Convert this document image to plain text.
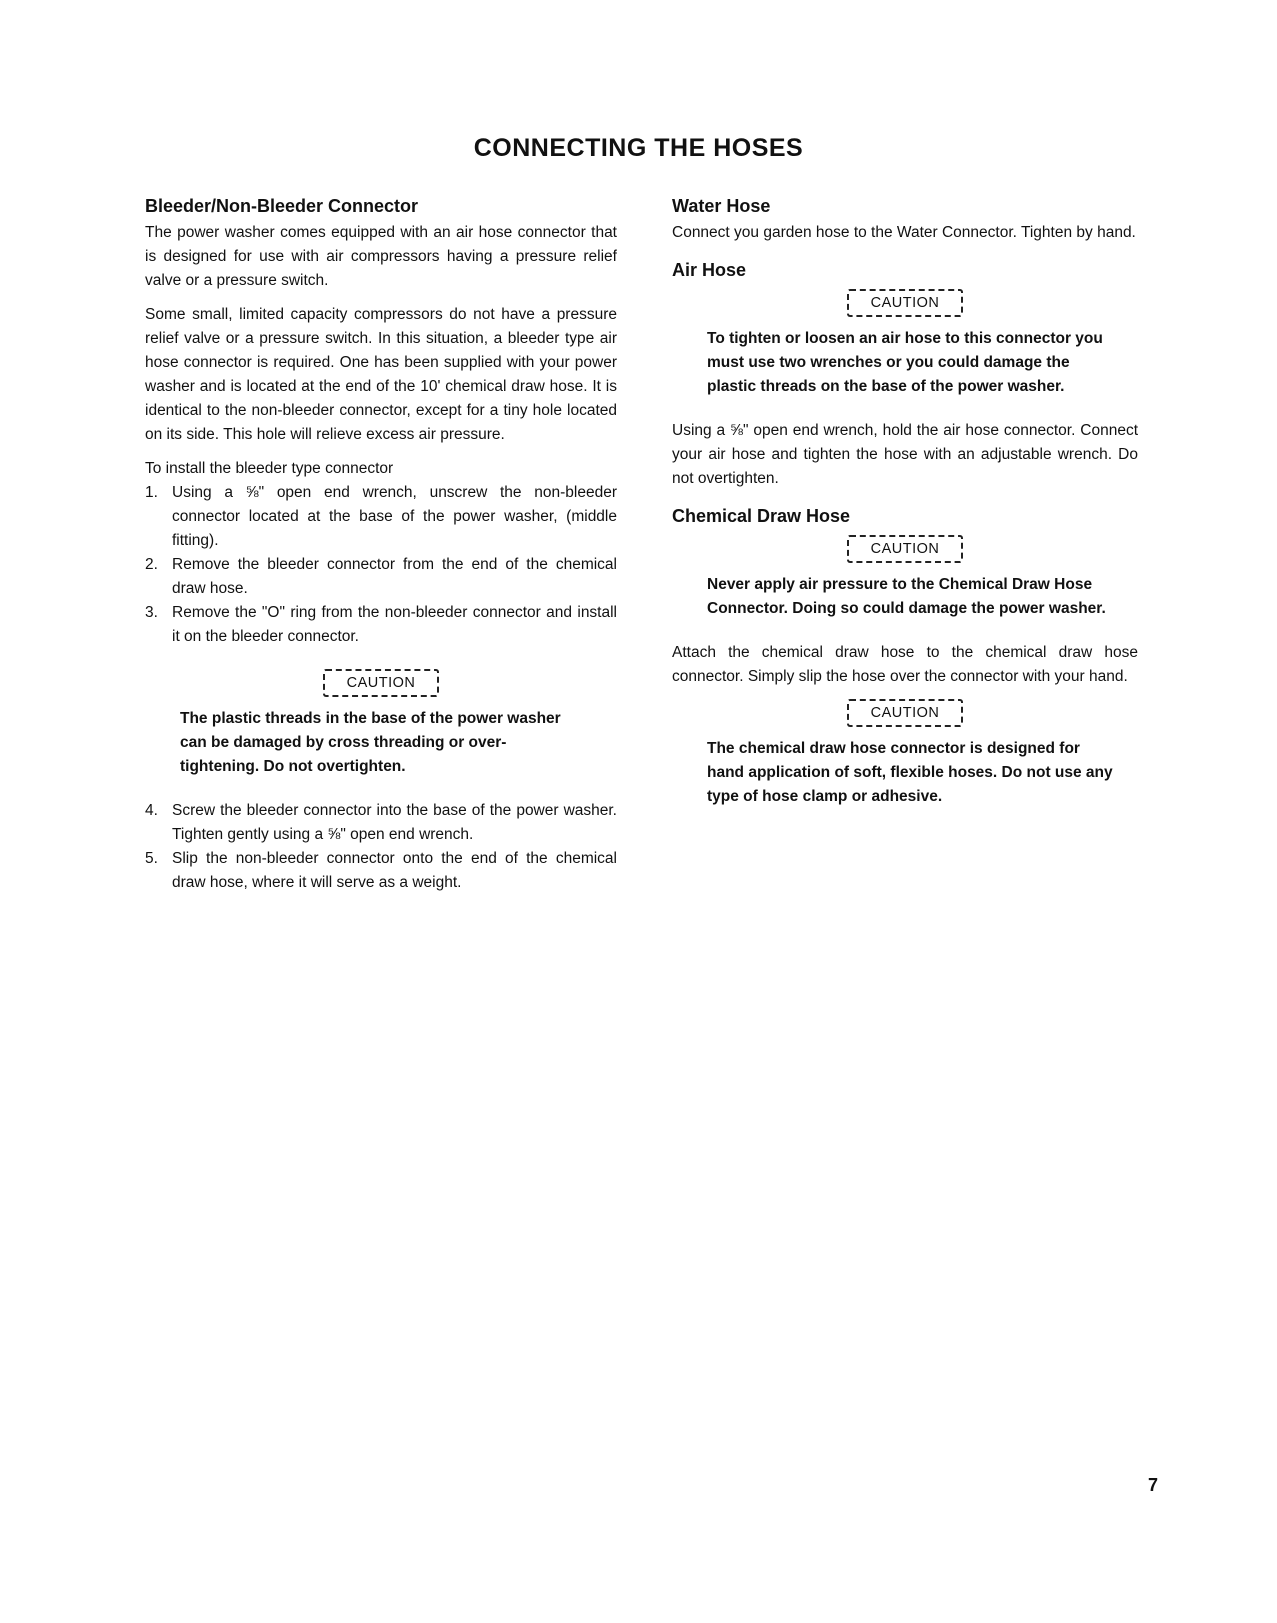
CONNECTING THE HOSES
Bleeder/Non-Bleeder Connector

The power washer comes equipped with an air hose connector that is designed for use with air compressors having a pressure relief valve or a pressure switch.

Some small, limited capacity compressors do not have a pressure relief valve or a pressure switch. In this situation, a bleeder type air hose connector is required. One has been supplied with your power washer and is located at the end of the 10' chemical draw hose. It is identical to the non-bleeder connector, except for a tiny hole located on its side. This hole will relieve excess air pressure.

To install the bleeder type connector

1. Using a ⅝" open end wrench, unscrew the non-bleeder connector located at the base of the power washer, (middle fitting).
2. Remove the bleeder connector from the end of the chemical draw hose.
3. Remove the "O" ring from the non-bleeder connector and install it on the bleeder connector.
CAUTION

The plastic threads in the base of the power washer can be damaged by cross threading or over-tightening. Do not overtighten.

4. Screw the bleeder connector into the base of the power washer. Tighten gently using a ⅝" open end wrench.
5. Slip the non-bleeder connector onto the end of the chemical draw hose, where it will serve as a weight.
Water Hose

Connect you garden hose to the Water Connector. Tighten by hand.

Air Hose
CAUTION

To tighten or loosen an air hose to this connector you must use two wrenches or you could damage the plastic threads on the base of the power washer.

Using a ⅝" open end wrench, hold the air hose connector. Connect your air hose and tighten the hose with an adjustable wrench. Do not overtighten.

Chemical Draw Hose
CAUTION

Never apply air pressure to the Chemical Draw Hose Connector. Doing so could damage the power washer.

Attach the chemical draw hose to the chemical draw hose connector. Simply slip the hose over the connector with your hand.

CAUTION

The chemical draw hose connector is designed for hand application of soft, flexible hoses. Do not use any type of hose clamp or adhesive.

7
